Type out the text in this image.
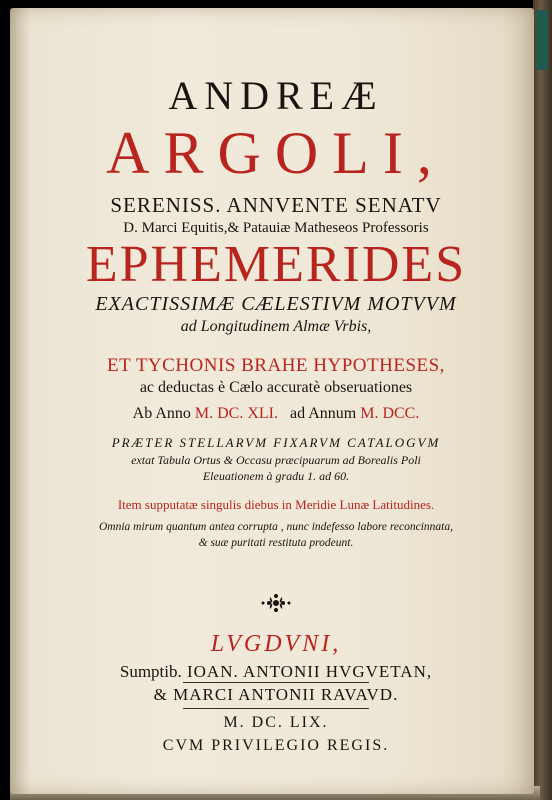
ANDREÆ
ARGOLI,
SERENISS. ANNVENTE SENATV
D. Marci Equitis,& Patauiæ Matheseos Professoris
EPHEMERIDES
EXACTISSIMÆ CÆLESTIVM MOTVVM
ad Longitudinem Almæ Vrbis,
ET TYCHONIS BRAHE HYPOTHESES,
ac deductas è Cælo accuratè obseruationes
Ab Anno M. DC. XLI. ad Annum M. DCC.
PRÆTER STELLARVM FIXARVM CATALOGVM
extat Tabula Ortus & Occasu præcipuarum ad Borealis Poli
Eleuationem à gradu 1. ad 60.
Item supputatæ singulis diebus in Meridie Lunæ Latitudines.
Omnia mirum quantum antea corrupta , nunc indefesso labore reconcinnata,
& suæ puritati restituta prodeunt.
LVGDVNI,
Sumptib. IOAN. ANTONII HVGVETAN,
& MARCI ANTONII RAVAVD.
M. DC. LIX.
CVM PRIVILEGIO REGIS.
